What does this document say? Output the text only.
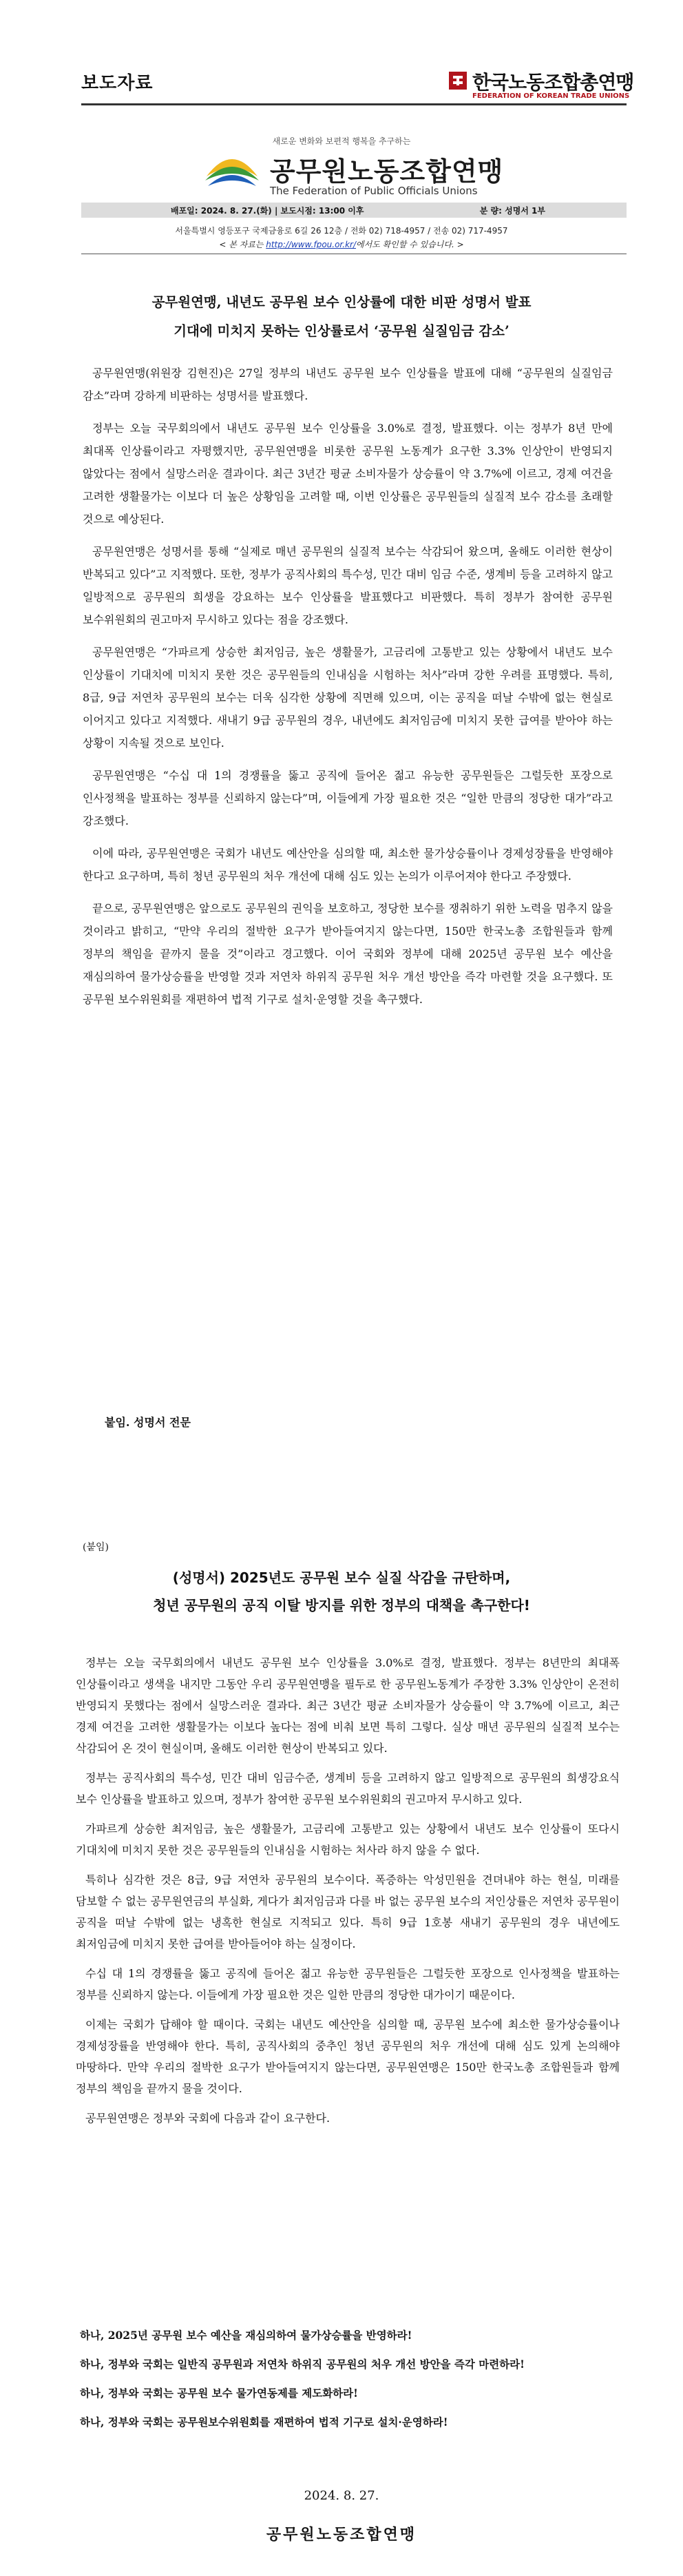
보도자료	한국노동조합총연맹
FEDERATION OF KOREAN TRADE UNIONS
새로운 변화와 보편적 행복을 추구하는
공무원노동조합연맹
The Federation of Public Officials Unions
배포일: 2024. 8. 27.(화) | 보도시점: 13:00 이후	분 량: 성명서 1부
서울특별시 영등포구 국제금융로 6길 26 12층 / 전화 02) 718-4957 / 전송 02) 717-4957
< 본 자료는 http://www.fpou.or.kr/에서도 확인할 수 있습니다. >
공무원연맹, 내년도 공무원 보수 인상률에 대한 비판 성명서 발표
기대에 미치지 못하는 인상률로서 ‘공무원 실질임금 감소’

공무원연맹(위원장 김현진)은 27일 정부의 내년도 공무원 보수 인상률을 발표에 대해 “공무원의 실질임금 감소”라며 강하게 비판하는 성명서를 발표했다.

정부는 오늘 국무회의에서 내년도 공무원 보수 인상률을 3.0%로 결정, 발표했다. 이는 정부가 8년 만에 최대폭 인상률이라고 자평했지만, 공무원연맹을 비롯한 공무원 노동계가 요구한 3.3% 인상안이 반영되지 않았다는 점에서 실망스러운 결과이다. 최근 3년간 평균 소비자물가 상승률이 약 3.7%에 이르고, 경제 여건을 고려한 생활물가는 이보다 더 높은 상황임을 고려할 때, 이번 인상률은 공무원들의 실질적 보수 감소를 초래할 것으로 예상된다.

공무원연맹은 성명서를 통해 “실제로 매년 공무원의 실질적 보수는 삭감되어 왔으며, 올해도 이러한 현상이 반복되고 있다”고 지적했다. 또한, 정부가 공직사회의 특수성, 민간 대비 임금 수준, 생계비 등을 고려하지 않고 일방적으로 공무원의 희생을 강요하는 보수 인상률을 발표했다고 비판했다. 특히 정부가 참여한 공무원 보수위원회의 권고마저 무시하고 있다는 점을 강조했다.

공무원연맹은 “가파르게 상승한 최저임금, 높은 생활물가, 고금리에 고통받고 있는 상황에서 내년도 보수 인상률이 기대치에 미치지 못한 것은 공무원들의 인내심을 시험하는 처사”라며 강한 우려를 표명했다. 특히, 8급, 9급 저연차 공무원의 보수는 더욱 심각한 상황에 직면해 있으며, 이는 공직을 떠날 수밖에 없는 현실로 이어지고 있다고 지적했다. 새내기 9급 공무원의 경우, 내년에도 최저임금에 미치지 못한 급여를 받아야 하는 상황이 지속될 것으로 보인다.

공무원연맹은 “수십 대 1의 경쟁률을 뚫고 공직에 들어온 젊고 유능한 공무원들은 그럴듯한 포장으로 인사정책을 발표하는 정부를 신뢰하지 않는다”며, 이들에게 가장 필요한 것은 “일한 만큼의 정당한 대가”라고 강조했다.

이에 따라, 공무원연맹은 국회가 내년도 예산안을 심의할 때, 최소한 물가상승률이나 경제성장률을 반영해야 한다고 요구하며, 특히 청년 공무원의 처우 개선에 대해 심도 있는 논의가 이루어져야 한다고 주장했다.

끝으로, 공무원연맹은 앞으로도 공무원의 권익을 보호하고, 정당한 보수를 쟁취하기 위한 노력을 멈추지 않을 것이라고 밝히고, “만약 우리의 절박한 요구가 받아들여지지 않는다면, 150만 한국노총 조합원들과 함께 정부의 책임을 끝까지 물을 것”이라고 경고했다. 이어 국회와 정부에 대해 2025년 공무원 보수 예산을 재심의하여 물가상승률을 반영할 것과 저연차 하위직 공무원 처우 개선 방안을 즉각 마련할 것을 요구했다. 또 공무원 보수위원회를 재편하여 법적 기구로 설치·운영할 것을 촉구했다.

붙임. 성명서 전문
(붙임)
(성명서) 2025년도 공무원 보수 실질 삭감을 규탄하며,
청년 공무원의 공직 이탈 방지를 위한 정부의 대책을 촉구한다!

정부는 오늘 국무회의에서 내년도 공무원 보수 인상률을 3.0%로 결정, 발표했다. 정부는 8년만의 최대폭 인상률이라고 생색을 내지만 그동안 우리 공무원연맹을 필두로 한 공무원노동계가 주장한 3.3% 인상안이 온전히 반영되지 못했다는 점에서 실망스러운 결과다. 최근 3년간 평균 소비자물가 상승률이 약 3.7%에 이르고, 최근 경제 여건을 고려한 생활물가는 이보다 높다는 점에 비춰 보면 특히 그렇다. 실상 매년 공무원의 실질적 보수는 삭감되어 온 것이 현실이며, 올해도 이러한 현상이 반복되고 있다.

정부는 공직사회의 특수성, 민간 대비 임금수준, 생계비 등을 고려하지 않고 일방적으로 공무원의 희생강요식 보수 인상률을 발표하고 있으며, 정부가 참여한 공무원 보수위원회의 권고마저 무시하고 있다.

가파르게 상승한 최저임금, 높은 생활물가, 고금리에 고통받고 있는 상황에서 내년도 보수 인상률이 또다시 기대치에 미치지 못한 것은 공무원들의 인내심을 시험하는 처사라 하지 않을 수 없다.

특히나 심각한 것은 8급, 9급 저연차 공무원의 보수이다. 폭증하는 악성민원을 견뎌내야 하는 현실, 미래를 담보할 수 없는 공무원연금의 부실화, 게다가 최저임금과 다를 바 없는 공무원 보수의 저인상률은 저연차 공무원이 공직을 떠날 수밖에 없는 냉혹한 현실로 지적되고 있다. 특히 9급 1호봉 새내기 공무원의 경우 내년에도 최저임금에 미치지 못한 급여를 받아들어야 하는 실정이다.

수십 대 1의 경쟁률을 뚫고 공직에 들어온 젊고 유능한 공무원들은 그럴듯한 포장으로 인사정책을 발표하는 정부를 신뢰하지 않는다. 이들에게 가장 필요한 것은 일한 만큼의 정당한 대가이기 때문이다.

이제는 국회가 답해야 할 때이다. 국회는 내년도 예산안을 심의할 때, 공무원 보수에 최소한 물가상승률이나 경제성장률을 반영해야 한다. 특히, 공직사회의 중추인 청년 공무원의 처우 개선에 대해 심도 있게 논의해야 마땅하다. 만약 우리의 절박한 요구가 받아들여지지 않는다면, 공무원연맹은 150만 한국노총 조합원들과 함께 정부의 책임을 끝까지 물을 것이다.

공무원연맹은 정부와 국회에 다음과 같이 요구한다.

하나, 2025년 공무원 보수 예산을 재심의하여 물가상승률을 반영하라!
하나, 정부와 국회는 일반직 공무원과 저연차 하위직 공무원의 처우 개선 방안을 즉각 마련하라!
하나, 정부와 국회는 공무원 보수 물가연동제를 제도화하라!
하나, 정부와 국회는 공무원보수위원회를 재편하여 법적 기구로 설치·운영하라!
2024. 8. 27.
공무원노동조합연맹
